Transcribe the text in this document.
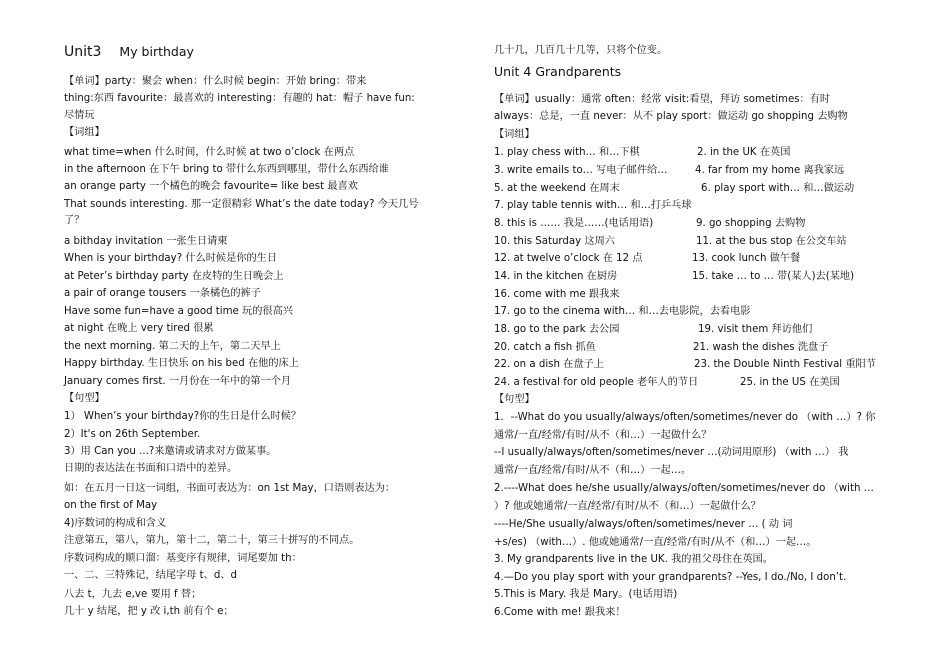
Unit3 My birthday
【单词】party：聚会 when：什么时候 begin：开始 bring：带来
thing:东西 favourite：最喜欢的 interesting：有趣的 hat：帽子 have fun:
尽情玩
【词组】
what time=when 什么时间，什么时候 at two o’clock 在两点
in the afternoon 在下午 bring to 带什么东西到哪里，带什么东西给谁
an orange party 一个橘色的晚会 favourite= like best 最喜欢
That sounds interesting. 那一定很精彩 What’s the date today? 今天几号
了？
a bithday invitation 一张生日请柬
When is your birthday? 什么时候是你的生日
at Peter’s birthday party 在皮特的生日晚会上
a pair of orange tousers 一条橘色的裤子
Have some fun=have a good time 玩的很高兴
at night 在晚上 very tired 很累
the next morning. 第二天的上午，第二天早上
Happy birthday. 生日快乐 on his bed 在他的床上
January comes first. 一月份在一年中的第一个月
【句型】
1） When’s your birthday?你的生日是什么时候？
2）It's on 26th September.
3）用 Can you ...?来邀请或请求对方做某事。
日期的表达法在书面和口语中的差异。
如：在五月一日这一词组，书面可表达为：on 1st May，口语则表达为：
on the first of May
4)序数词的构成和含义
注意第五，第八，第九，第十二，第二十，第三十拼写的不同点。
序数词构成的顺口溜：基变序有规律，词尾要加 th：
一、二、三特殊记，结尾字母 t、d、d
八去 t，九去 e,ve 要用 f 替；
几十 y 结尾，把 y 改 i,th 前有个 e；
几十几，几百几十几等，只将个位变。
Unit 4 Grandparents
【单词】usually：通常 often：经常 visit:看望，拜访 sometimes：有时
always：总是，一直 never：从不 play sport：做运动 go shopping 去购物
【词组】
1. play chess with… 和…下棋	2. in the UK 在英国
3. write emails to… 写电子邮件给…	4. far from my home 离我家远
5. at the weekend 在周末	6. play sport with… 和…做运动
7. play table tennis with… 和…打乒乓球
8. this is …… 我是……(电话用语)	9. go shopping 去购物
10. this Saturday 这周六	11. at the bus stop 在公交车站
12. at twelve o’clock 在 12 点	13. cook lunch 做午餐
14. in the kitchen 在厨房	15. take … to … 带(某人)去(某地)
16. come with me 跟我来
17. go to the cinema with… 和…去电影院，去看电影
18. go to the park 去公园	19. visit them 拜访他们
20. catch a fish 抓鱼	21. wash the dishes 洗盘子
22. on a dish 在盘子上	23. the Double Ninth Festival 重阳节
24. a festival for old people 老年人的节日	25. in the US 在美国
【句型】
1．--What do you usually/always/often/sometimes/never do （with …）? 你
通常/一直/经常/有时/从不（和…）一起做什么？
--I usually/always/often/sometimes/never …(动词用原形) （with …） 我
通常/一直/经常/有时/从不（和…）一起…。
2.----What does he/she usually/always/often/sometimes/never do （with …
）? 他或她通常/一直/经常/有时/从不（和…）一起做什么？
----He/She usually/always/often/sometimes/never … ( 动 词
+s/es) （with…）. 他或她通常/一直/经常/有时/从不（和…）一起…。
3. My grandparents live in the UK. 我的祖父母住在英国。
4.—Do you play sport with your grandparents? --Yes, I do./No, I don’t.
5.This is Mary. 我是 Mary。(电话用语)
6.Come with me! 跟我来！
